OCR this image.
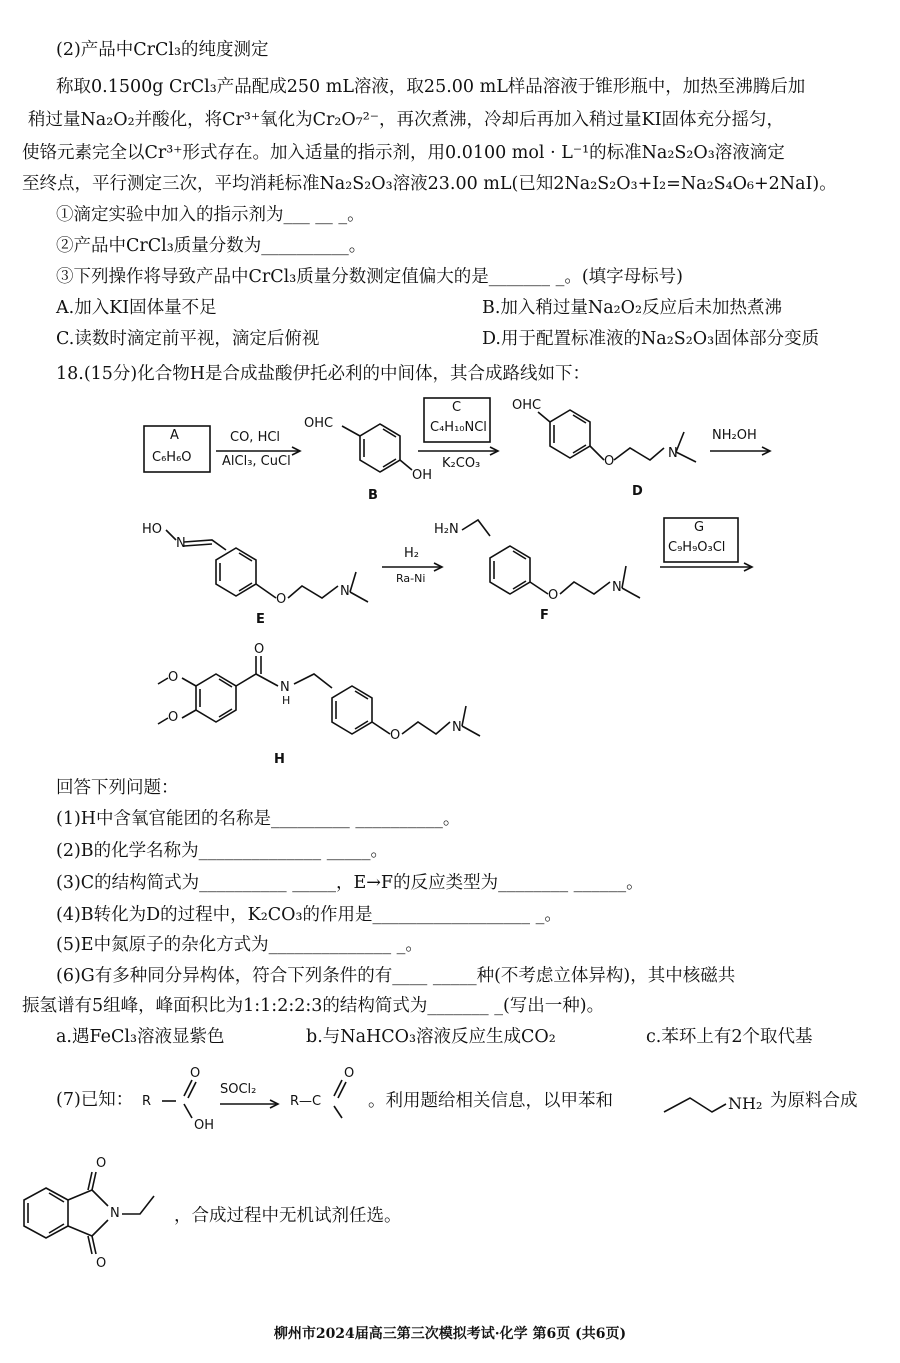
(2)产品中CrCl₃的纯度测定
称取0.1500g CrCl₃产品配成250 mL溶液，取25.00 mL样品溶液于锥形瓶中，加热至沸腾后加
稍过量Na₂O₂并酸化，将Cr³⁺氧化为Cr₂O₇²⁻，再次煮沸，冷却后再加入稍过量KI固体充分摇匀，
使铬元素完全以Cr³⁺形式存在。加入适量的指示剂，用0.0100 mol · L⁻¹的标准Na₂S₂O₃溶液滴定
至终点，平行测定三次，平均消耗标准Na₂S₂O₃溶液23.00 mL(已知2Na₂S₂O₃+I₂=Na₂S₄O₆+2NaI)。
①滴定实验中加入的指示剂为___ __ _。
②产品中CrCl₃质量分数为__________。
③下列操作将导致产品中CrCl₃质量分数测定值偏大的是_______ _。(填字母标号)
A.加入KI固体量不足	B.加入稍过量Na₂O₂反应后未加热煮沸
C.读数时滴定前平视，滴定后俯视	D.用于配置标准液的Na₂S₂O₃固体部分变质
18.(15分)化合物H是合成盐酸伊托必利的中间体，其合成路线如下：
A
C₆H₆O
CO, HCl
AlCl₃, CuCl
OHC
OH
B
C
C₄H₁₀NCl
K₂CO₃
OHC
O
N
D
NH₂OH
HO
N
O
N
E
H₂
Ra-Ni
H₂N
O
N
F
G
C₉H₉O₃Cl
O
O
O
N
H
O
N
H
回答下列问题：
(1)H中含氧官能团的名称是_________ __________。
(2)B的化学名称为______________ _____。
(3)C的结构简式为__________ _____，E→F的反应类型为________ ______。
(4)B转化为D的过程中，K₂CO₃的作用是__________________ _。
(5)E中氮原子的杂化方式为______________ _。
(6)G有多种同分异构体，符合下列条件的有____ _____种(不考虑立体异构)，其中核磁共
振氢谱有5组峰，峰面积比为1:1:2:2:3的结构简式为_______ _(写出一种)。
a.遇FeCl₃溶液显紫色	b.与NaHCO₃溶液反应生成CO₂	c.苯环上有2个取代基
(7)已知： R
O
OH
SOCl₂
R—C
O
。利用题给相关信息，以甲苯和	NH₂ 为原料合成
O
N
O
，合成过程中无机试剂任选。
柳州市2024届高三第三次模拟考试·化学 第6页 (共6页)
